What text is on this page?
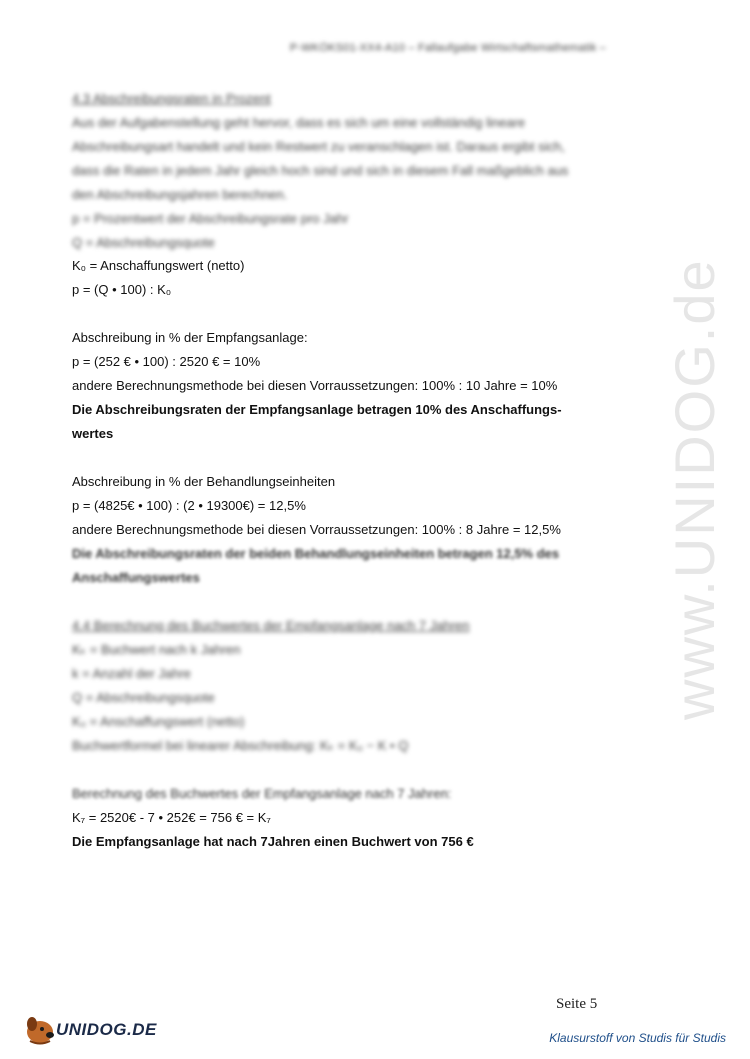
P-WKÖKS01-XX4-A10 – Fallaufgabe Wirtschaftsmathematik –
4.3 Abschreibungsraten in Prozent
Aus der Aufgabenstellung geht hervor, dass es sich um eine vollständig lineare
Abschreibungsart handelt und kein Restwert zu veranschlagen ist. Daraus ergibt sich,
dass die Raten in jedem Jahr gleich hoch sind und sich in diesem Fall maßgeblich aus
den Abschreibungsjahren berechnen.
p = Prozentwert der Abschreibungsrate pro Jahr
Q = Abschreibungsquote
K₀ = Anschaffungswert (netto)
p = (Q • 100) : K₀
Abschreibung in % der Empfangsanlage:
p = (252 € • 100) : 2520 € = 10%
andere Berechnungsmethode bei diesen Vorraussetzungen: 100% : 10 Jahre = 10%
Die Abschreibungsraten der Empfangsanlage betragen 10% des Anschaffungs-
wertes
Abschreibung in % der Behandlungseinheiten
p = (4825€ • 100) : (2 • 19300€) = 12,5%
andere Berechnungsmethode bei diesen Vorraussetzungen: 100% : 8 Jahre = 12,5%
Die Abschreibungsraten der beiden Behandlungseinheiten betragen 12,5% des
Anschaffungswertes
4.4 Berechnung des Buchwertes der Empfangsanlage nach 7 Jahren
Kₖ = Buchwert nach k Jahren
k = Anzahl der Jahre
Q = Abschreibungsquote
K₀ = Anschaffungswert (netto)
Buchwertformel bei linearer Abschreibung: Kₖ = K₀ − K • Q
Berechnung des Buchwertes der Empfangsanlage nach 7 Jahren:
K₇ = 2520€ - 7 • 252€ = 756 € = K₇
Die Empfangsanlage hat nach 7Jahren einen Buchwert von 756 €
www.UNIDOG.de
Seite 5
UNIDOG.DE	Klausurstoff von Studis für Studis
